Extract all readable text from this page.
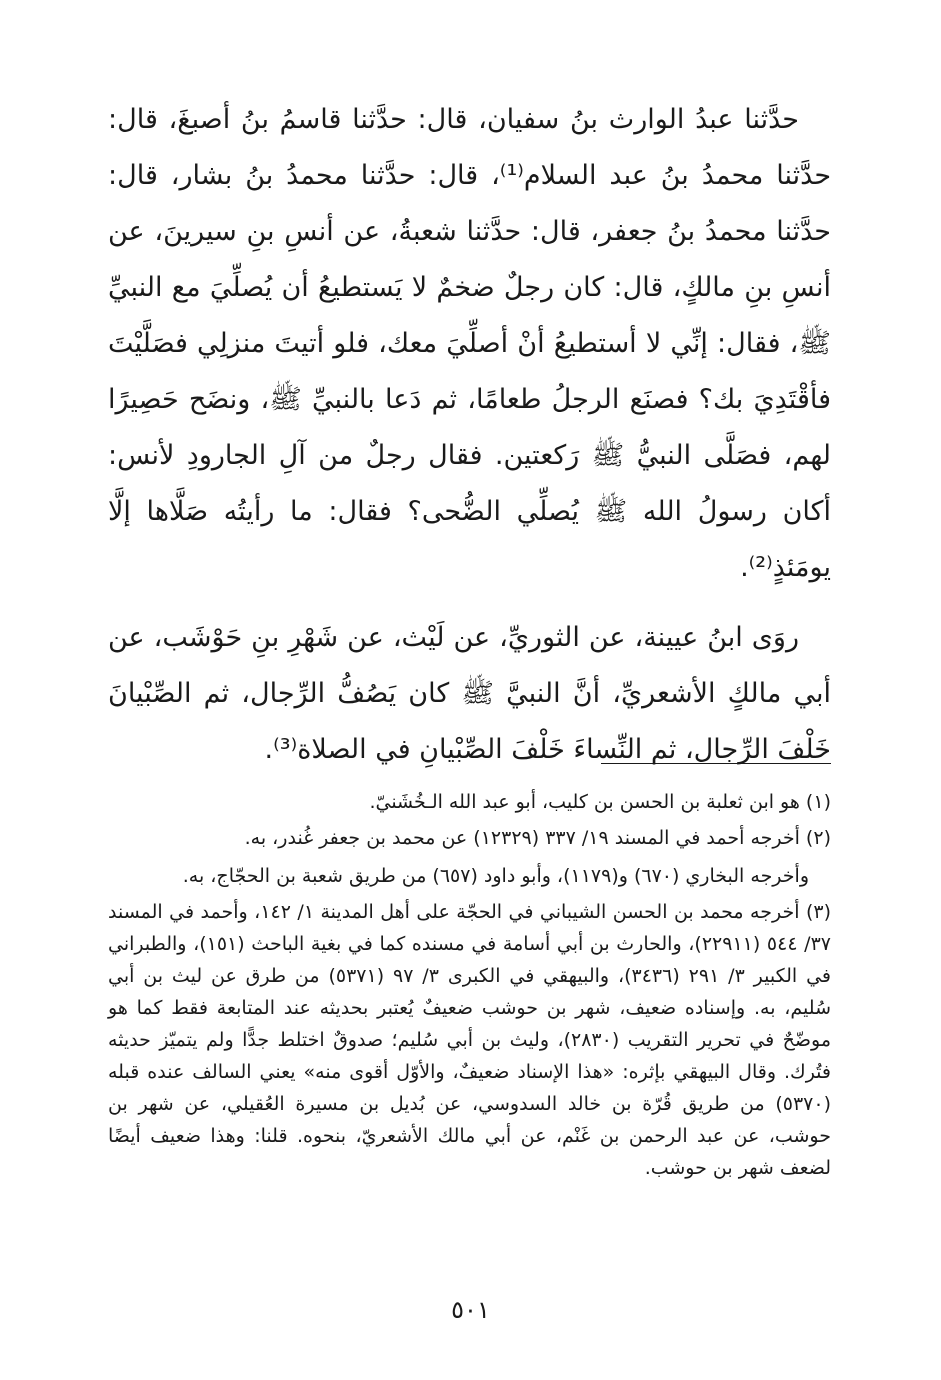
حدَّثنا عبدُ الوارث بنُ سفيان، قال: حدَّثنا قاسمُ بنُ أصبغَ، قال: حدَّثنا محمدُ بنُ عبد السلام⁽¹⁾، قال: حدَّثنا محمدُ بنُ بشار، قال: حدَّثنا محمدُ بنُ جعفر، قال: حدَّثنا شعبةُ، عن أنسِ بنِ سيرينَ، عن أنسِ بنِ مالكٍ، قال: كان رجلٌ ضخمٌ لا يَستطيعُ أن يُصلِّيَ مع النبيِّ ﷺ، فقال: إنِّي لا أستطيعُ أنْ أصلِّيَ معك، فلو أتيتَ منزلِي فصَلَّيْتَ فأقْتَدِيَ بك؟ فصنَع الرجلُ طعامًا، ثم دَعا بالنبيِّ ﷺ، ونضَح حَصِيرًا لهم، فصَلَّى النبيُّ ﷺ رَكعتين. فقال رجلٌ من آلِ الجارودِ لأنس: أكان رسولُ الله ﷺ يُصلِّي الضُّحى؟ فقال: ما رأيتُه صَلَّاها إلَّا يومَئذٍ⁽²⁾.

روَى ابنُ عيينة، عن الثوريِّ، عن لَيْث، عن شَهْرِ بنِ حَوْشَب، عن أبي مالكٍ الأشعريِّ، أنَّ النبيَّ ﷺ كان يَصُفُّ الرِّجال، ثم الصِّبْيانَ خَلْفَ الرِّجال، ثم النِّساءَ خَلْفَ الصِّبْيانِ في الصلاة⁽³⁾.

(١) هو ابن ثعلبة بن الحسن بن كليب، أبو عبد الله الـخُشَنيّ.

(٢) أخرجه أحمد في المسند ١٩/ ٣٣٧ (١٢٣٢٩) عن محمد بن جعفر غُندر، به.

وأخرجه البخاري (٦٧٠) و(١١٧٩)، وأبو داود (٦٥٧) من طريق شعبة بن الحجّاج، به.

(٣) أخرجه محمد بن الحسن الشيباني في الحجّة على أهل المدينة ١/ ١٤٢، وأحمد في المسند ٣٧/ ٥٤٤ (٢٢٩١١)، والحارث بن أبي أسامة في مسنده كما في بغية الباحث (١٥١)، والطبراني في الكبير ٣/ ٢٩١ (٣٤٣٦)، والبيهقي في الكبرى ٣/ ٩٧ (٥٣٧١) من طرق عن ليث بن أبي سُليم، به. وإسناده ضعيف، شهر بن حوشب ضعيفٌ يُعتبر بحديثه عند المتابعة فقط كما هو موضّحٌ في تحرير التقريب (٢٨٣٠)، وليث بن أبي سُليم؛ صدوقٌ اختلط جدًّا ولم يتميّز حديثه فتُرك. وقال البيهقي بإثره: «هذا الإسناد ضعيفٌ، والأوّل أقوى منه» يعني السالف عنده قبله (٥٣٧٠) من طريق قُرّة بن خالد السدوسي، عن بُديل بن مسيرة العُقيلي، عن شهر بن حوشب، عن عبد الرحمن بن غَنْم، عن أبي مالك الأشعريّ، بنحوه. قلنا: وهذا ضعيف أيضًا لضعف شهر بن حوشب.

٥٠١
